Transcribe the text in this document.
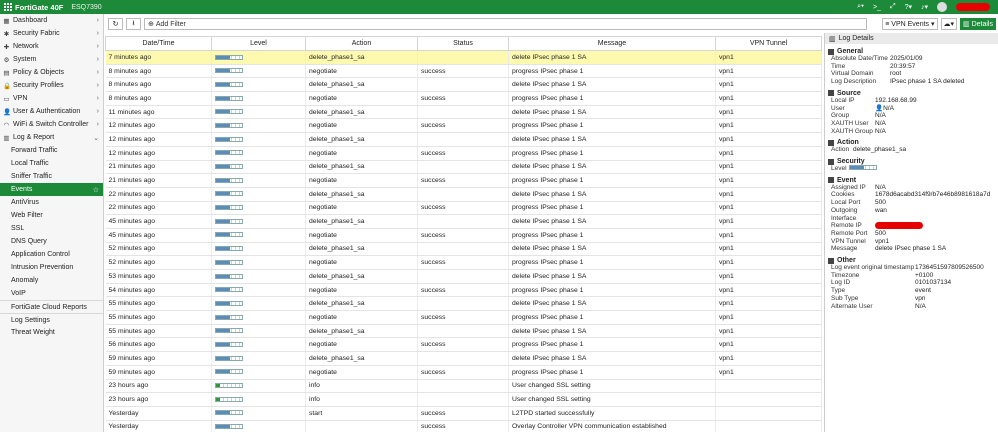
FortiGate 40F ESQ7390	⌕▾ >_ ⤢ ?▾ ♪▾
▦ Dashboard	›
✱ Security Fabric	›
✚ Network	›
⚙ System	›
▤ Policy & Objects	›
🔒 Security Profiles	›
▭ VPN	›
👤 User & Authentication ›
◠ WiFi & Switch Controller ›
▥ Log & Report	⌄
Forward Traffic
Local Traffic
Sniffer Traffic
Events	☆
AntiVirus
Web Filter
SSL
DNS Query
Application Control
Intrusion Prevention
Anomaly
VoIP
FortiGate Cloud Reports
Log Settings
Threat Weight
↻ ⭳ ⊕ Add Filter	≡ VPN Events ▾ ☁▾ ▥ Details
Date/Time	Level	Action	Status	Message	VPN Tunnel
7 minutes ago		delete_phase1_sa		delete IPsec phase 1 SA	vpn1
8 minutes ago		negotiate	success	progress IPsec phase 1	vpn1
8 minutes ago		delete_phase1_sa		delete IPsec phase 1 SA	vpn1
8 minutes ago		negotiate	success	progress IPsec phase 1	vpn1
11 minutes ago		delete_phase1_sa		delete IPsec phase 1 SA	vpn1
12 minutes ago		negotiate	success	progress IPsec phase 1	vpn1
12 minutes ago		delete_phase1_sa		delete IPsec phase 1 SA	vpn1
12 minutes ago		negotiate	success	progress IPsec phase 1	vpn1
21 minutes ago		delete_phase1_sa		delete IPsec phase 1 SA	vpn1
21 minutes ago		negotiate	success	progress IPsec phase 1	vpn1
22 minutes ago		delete_phase1_sa		delete IPsec phase 1 SA	vpn1
22 minutes ago		negotiate	success	progress IPsec phase 1	vpn1
45 minutes ago		delete_phase1_sa		delete IPsec phase 1 SA	vpn1
45 minutes ago		negotiate	success	progress IPsec phase 1	vpn1
52 minutes ago		delete_phase1_sa		delete IPsec phase 1 SA	vpn1
52 minutes ago		negotiate	success	progress IPsec phase 1	vpn1
53 minutes ago		delete_phase1_sa		delete IPsec phase 1 SA	vpn1
54 minutes ago		negotiate	success	progress IPsec phase 1	vpn1
55 minutes ago		delete_phase1_sa		delete IPsec phase 1 SA	vpn1
55 minutes ago		negotiate	success	progress IPsec phase 1	vpn1
55 minutes ago		delete_phase1_sa		delete IPsec phase 1 SA	vpn1
56 minutes ago		negotiate	success	progress IPsec phase 1	vpn1
59 minutes ago		delete_phase1_sa		delete IPsec phase 1 SA	vpn1
59 minutes ago		negotiate	success	progress IPsec phase 1	vpn1
23 hours ago		info		User changed SSL setting	
23 hours ago		info		User changed SSL setting	
Yesterday		start	success	L2TPD started successfully	
Yesterday			success	Overlay Controller VPN communication established	
▥ Log Details
General
Absolute Date/Time 2025/01/09
Time	20:39:57
Virtual Domain	root
Log Description	IPsec phase 1 SA deleted
Source
Local IP	192.168.68.99
User	👤 N/A
Group	N/A
XAUTH User N/A
XAUTH Group N/A
Action
Action delete_phase1_sa
Security
Level
Event
Assigned IP	N/A
Cookies	1678d6acabd314f9/b7e46b8981618a7d
Local Port	500
Outgoing Interface
wan
Remote IP
Remote Port	500
VPN Tunnel	vpn1
Message	delete IPsec phase 1 SA
Other
Log event original timestamp 1736451597809526500
Timezone	+0100
Log ID	0101037134
Type	event
Sub Type	vpn
Alternate User	N/A
